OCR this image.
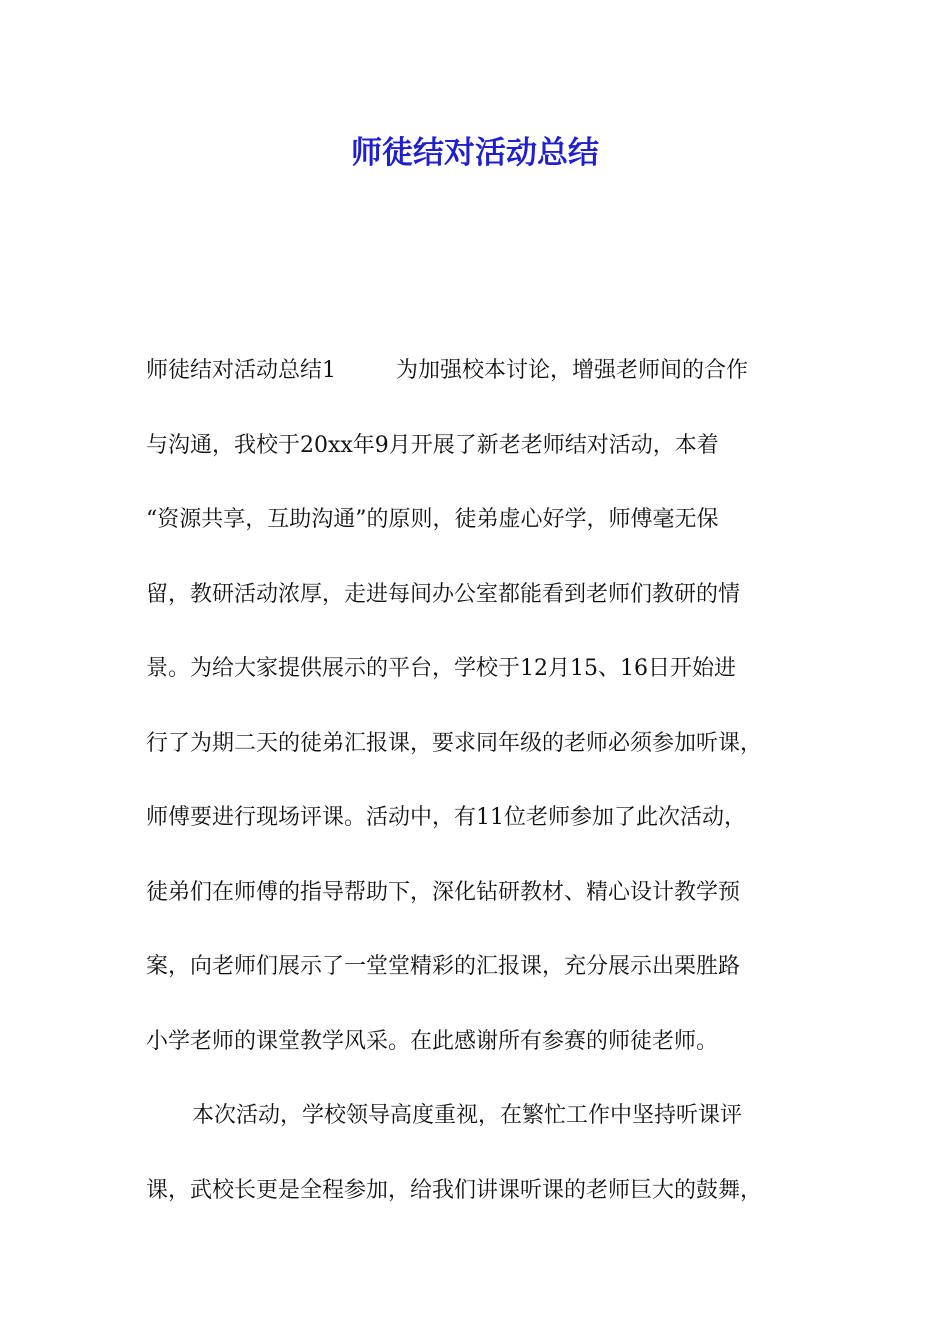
师徒结对活动总结
师徒结对活动总结1	为加强校本讨论，增强老师间的合作
与沟通，我校于20xx年9月开展了新老老师结对活动，本着
“资源共享，互助沟通”的原则，徒弟虚心好学，师傅毫无保
留，教研活动浓厚，走进每间办公室都能看到老师们教研的情
景。为给大家提供展示的平台，学校于12月15、16日开始进
行了为期二天的徒弟汇报课，要求同年级的老师必须参加听课，
师傅要进行现场评课。活动中，有11位老师参加了此次活动，
徒弟们在师傅的指导帮助下，深化钻研教材、精心设计教学预
案，向老师们展示了一堂堂精彩的汇报课，充分展示出栗胜路
小学老师的课堂教学风采。在此感谢所有参赛的师徒老师。
本次活动，学校领导高度重视，在繁忙工作中坚持听课评
课，武校长更是全程参加，给我们讲课听课的老师巨大的鼓舞，
